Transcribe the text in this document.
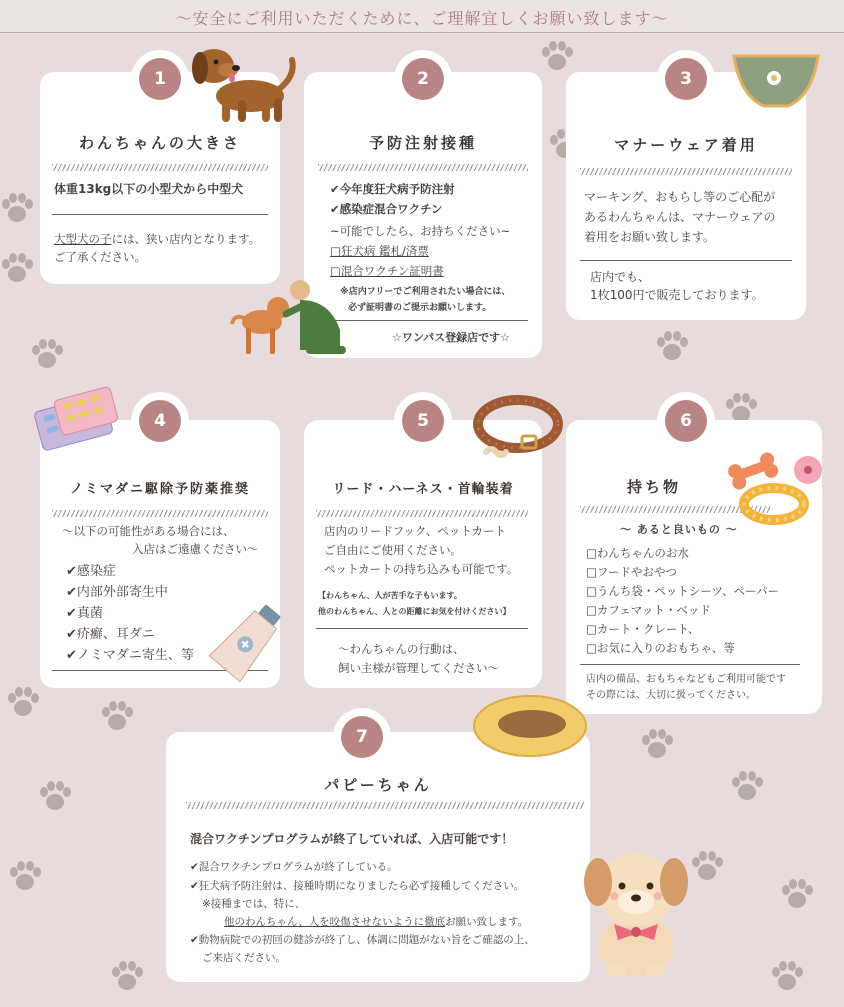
〜安全にご利用いただくために、ご理解宜しくお願い致します〜
わんちゃんの大きさ
体重13kg以下の小型犬から中型犬
大型犬の子には、狭い店内となります。
ご了承ください。
1
予防注射接種
✔今年度狂犬病予防注射
✔感染症混合ワクチン
~可能でしたら、お持ちください~
□狂犬病 鑑札/済票
□混合ワクチン証明書
※店内フリーでご利用されたい場合には、
必ず証明書のご提示お願いします。
☆ワンパス登録店です☆
2
マナーウェア着用
マーキング、おもらし等のご心配が
あるわんちゃんは、マナーウェアの
着用をお願い致します。
店内でも、
1枚100円で販売しております。
3
ノミマダニ駆除予防薬推奨
〜以下の可能性がある場合には、
入店はご遠慮ください〜
✔感染症
✔内部外部寄生中
✔真菌
✔疥癬、耳ダニ
✔ノミマダニ寄生、等
4
リード・ハーネス・首輪装着
店内のリードフック、ペットカート
ご自由にご使用ください。
ペットカートの持ち込みも可能です。
【わんちゃん、人が苦手な子もいます。
他のわんちゃん、人との距離にお気を付けください】
〜わんちゃんの行動は、
飼い主様が管理してください〜
5
持ち物
〜 あると良いもの 〜
□わんちゃんのお水
□フードやおやつ
□うんち袋・ペットシーツ、ペーパー
□カフェマット・ベッド
□カート・クレート、
□お気に入りのおもちゃ、等
店内の備品、おもちゃなどもご利用可能です
その際には、大切に扱ってください。
6
パピーちゃん
混合ワクチンプログラムが終了していれば、入店可能です！
✔混合ワクチンプログラムが終了している。
✔狂犬病予防注射は、接種時期になりましたら必ず接種してください。
※接種までは、特に、
他のわんちゃん、人を咬傷させないように徹底お願い致します。
✔動物病院での初回の健診が終了し、体調に問題がない旨をご確認の上、
ご来店ください。
7
